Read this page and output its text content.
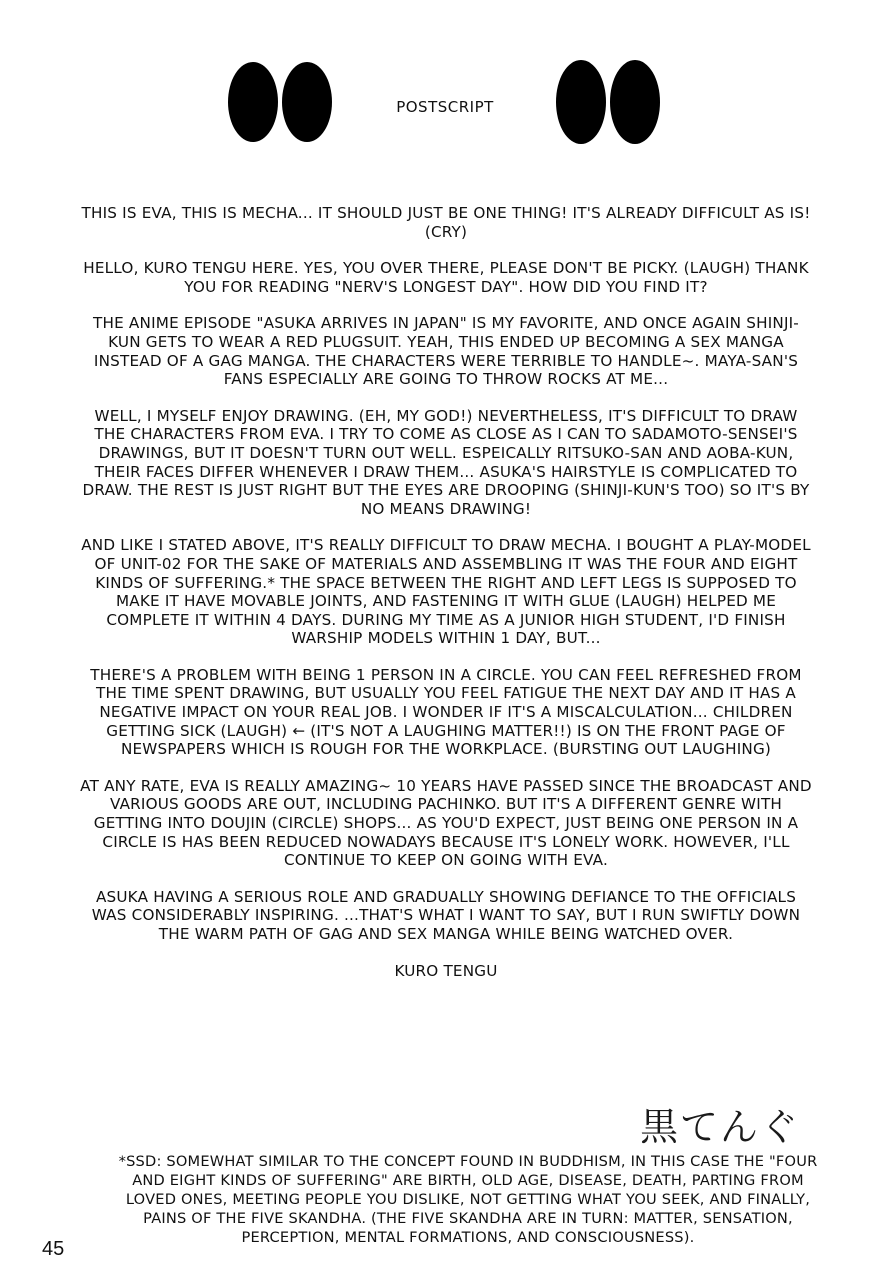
POSTSCRIPT

THIS IS EVA, THIS IS MECHA... IT SHOULD JUST BE ONE THING! IT'S ALREADY DIFFICULT AS IS! (CRY)

HELLO, KURO TENGU HERE. YES, YOU OVER THERE, PLEASE DON'T BE PICKY. (LAUGH) THANK YOU FOR READING "NERV'S LONGEST DAY". HOW DID YOU FIND IT?

THE ANIME EPISODE "ASUKA ARRIVES IN JAPAN" IS MY FAVORITE, AND ONCE AGAIN SHINJI-KUN GETS TO WEAR A RED PLUGSUIT. YEAH, THIS ENDED UP BECOMING A SEX MANGA INSTEAD OF A GAG MANGA. THE CHARACTERS WERE TERRIBLE TO HANDLE~. MAYA-SAN'S FANS ESPECIALLY ARE GOING TO THROW ROCKS AT ME...

WELL, I MYSELF ENJOY DRAWING. (EH, MY GOD!) NEVERTHELESS, IT'S DIFFICULT TO DRAW THE CHARACTERS FROM EVA. I TRY TO COME AS CLOSE AS I CAN TO SADAMOTO-SENSEI'S DRAWINGS, BUT IT DOESN'T TURN OUT WELL. ESPEICALLY RITSUKO-SAN AND AOBA-KUN, THEIR FACES DIFFER WHENEVER I DRAW THEM... ASUKA'S HAIRSTYLE IS COMPLICATED TO DRAW. THE REST IS JUST RIGHT BUT THE EYES ARE DROOPING (SHINJI-KUN'S TOO) SO IT'S BY NO MEANS DRAWING!

AND LIKE I STATED ABOVE, IT'S REALLY DIFFICULT TO DRAW MECHA. I BOUGHT A PLAY-MODEL OF UNIT-02 FOR THE SAKE OF MATERIALS AND ASSEMBLING IT WAS THE FOUR AND EIGHT KINDS OF SUFFERING.* THE SPACE BETWEEN THE RIGHT AND LEFT LEGS IS SUPPOSED TO MAKE IT HAVE MOVABLE JOINTS, AND FASTENING IT WITH GLUE (LAUGH) HELPED ME COMPLETE IT WITHIN 4 DAYS. DURING MY TIME AS A JUNIOR HIGH STUDENT, I'D FINISH WARSHIP MODELS WITHIN 1 DAY, BUT...

THERE'S A PROBLEM WITH BEING 1 PERSON IN A CIRCLE. YOU CAN FEEL REFRESHED FROM THE TIME SPENT DRAWING, BUT USUALLY YOU FEEL FATIGUE THE NEXT DAY AND IT HAS A NEGATIVE IMPACT ON YOUR REAL JOB. I WONDER IF IT'S A MISCALCULATION... CHILDREN GETTING SICK (LAUGH) ← (IT'S NOT A LAUGHING MATTER!!) IS ON THE FRONT PAGE OF NEWSPAPERS WHICH IS ROUGH FOR THE WORKPLACE. (BURSTING OUT LAUGHING)

AT ANY RATE, EVA IS REALLY AMAZING~ 10 YEARS HAVE PASSED SINCE THE BROADCAST AND VARIOUS GOODS ARE OUT, INCLUDING PACHINKO. BUT IT'S A DIFFERENT GENRE WITH GETTING INTO DOUJIN (CIRCLE) SHOPS... AS YOU'D EXPECT, JUST BEING ONE PERSON IN A CIRCLE IS HAS BEEN REDUCED NOWADAYS BECAUSE IT'S LONELY WORK. HOWEVER, I'LL CONTINUE TO KEEP ON GOING WITH EVA.

ASUKA HAVING A SERIOUS ROLE AND GRADUALLY SHOWING DEFIANCE TO THE OFFICIALS WAS CONSIDERABLY INSPIRING. ...THAT'S WHAT I WANT TO SAY, BUT I RUN SWIFTLY DOWN THE WARM PATH OF GAG AND SEX MANGA WHILE BEING WATCHED OVER.

KURO TENGU

黒てんぐ
*SSD: SOMEWHAT SIMILAR TO THE CONCEPT FOUND IN BUDDHISM, IN THIS CASE THE "FOUR AND EIGHT KINDS OF SUFFERING" ARE BIRTH, OLD AGE, DISEASE, DEATH, PARTING FROM LOVED ONES, MEETING PEOPLE YOU DISLIKE, NOT GETTING WHAT YOU SEEK, AND FINALLY, PAINS OF THE FIVE SKANDHA. (THE FIVE SKANDHA ARE IN TURN: MATTER, SENSATION, PERCEPTION, MENTAL FORMATIONS, AND CONSCIOUSNESS).
45
